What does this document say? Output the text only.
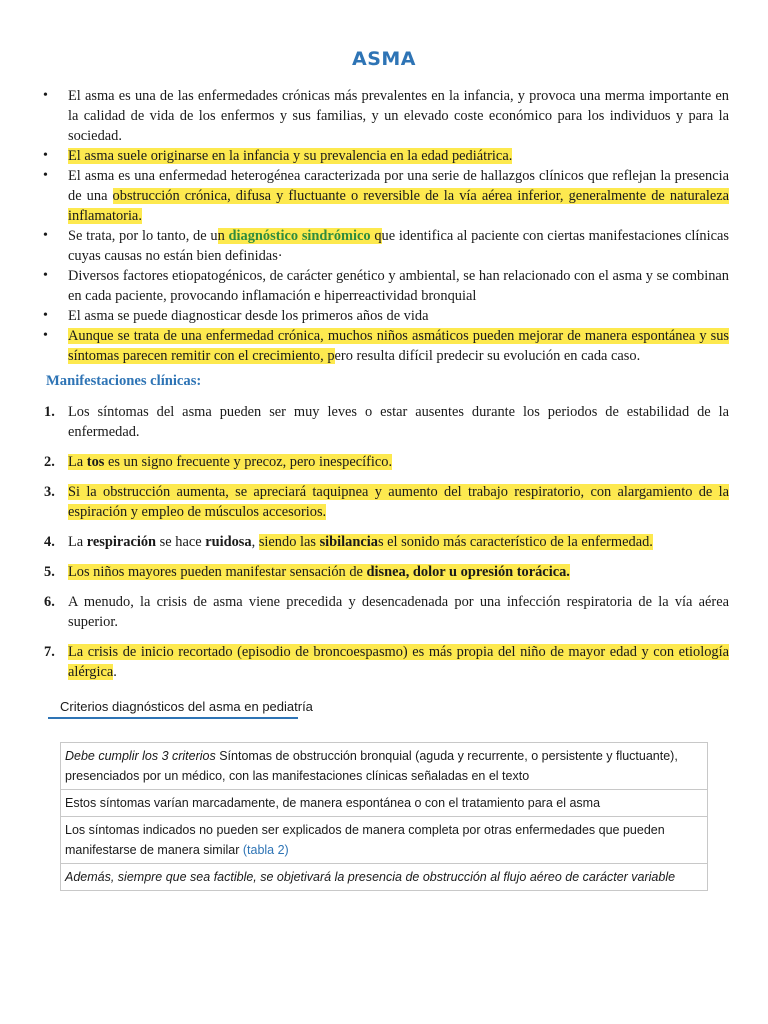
ASMA
• El asma es una de las enfermedades crónicas más prevalentes en la infancia, y provoca una merma importante en la calidad de vida de los enfermos y sus familias, y un elevado coste económico para los individuos y para la sociedad.
• El asma suele originarse en la infancia y su prevalencia en la edad pediátrica.
• El asma es una enfermedad heterogénea caracterizada por una serie de hallazgos clínicos que reflejan la presencia de una obstrucción crónica, difusa y fluctuante o reversible de la vía aérea inferior, generalmente de naturaleza inflamatoria.
• Se trata, por lo tanto, de un diagnóstico sindrómico que identifica al paciente con ciertas manifestaciones clínicas cuyas causas no están bien definidas·
• Diversos factores etiopatogénicos, de carácter genético y ambiental, se han relacionado con el asma y se combinan en cada paciente, provocando inflamación e hiperreactividad bronquial
• El asma se puede diagnosticar desde los primeros años de vida
• Aunque se trata de una enfermedad crónica, muchos niños asmáticos pueden mejorar de manera espontánea y sus síntomas parecen remitir con el crecimiento, pero resulta difícil predecir su evolución en cada caso.
Manifestaciones clínicas:
1. Los síntomas del asma pueden ser muy leves o estar ausentes durante los periodos de estabilidad de la enfermedad.
2. La tos es un signo frecuente y precoz, pero inespecífico.
3. Si la obstrucción aumenta, se apreciará taquipnea y aumento del trabajo respiratorio, con alargamiento de la espiración y empleo de músculos accesorios.
4. La respiración se hace ruidosa, siendo las sibilancias el sonido más característico de la enfermedad.
5. Los niños mayores pueden manifestar sensación de disnea, dolor u opresión torácica.
6. A menudo, la crisis de asma viene precedida y desencadenada por una infección respiratoria de la vía aérea superior.
7. La crisis de inicio recortado (episodio de broncoespasmo) es más propia del niño de mayor edad y con etiología alérgica.
Criterios diagnósticos del asma en pediatría
Debe cumplir los 3 criterios Síntomas de obstrucción bronquial (aguda y recurrente, o persistente y fluctuante), presenciados por un médico, con las manifestaciones clínicas señaladas en el texto
Estos síntomas varían marcadamente, de manera espontánea o con el tratamiento para el asma
Los síntomas indicados no pueden ser explicados de manera completa por otras enfermedades que pueden manifestarse de manera similar (tabla 2)
Además, siempre que sea factible, se objetivará la presencia de obstrucción al flujo aéreo de carácter variable
